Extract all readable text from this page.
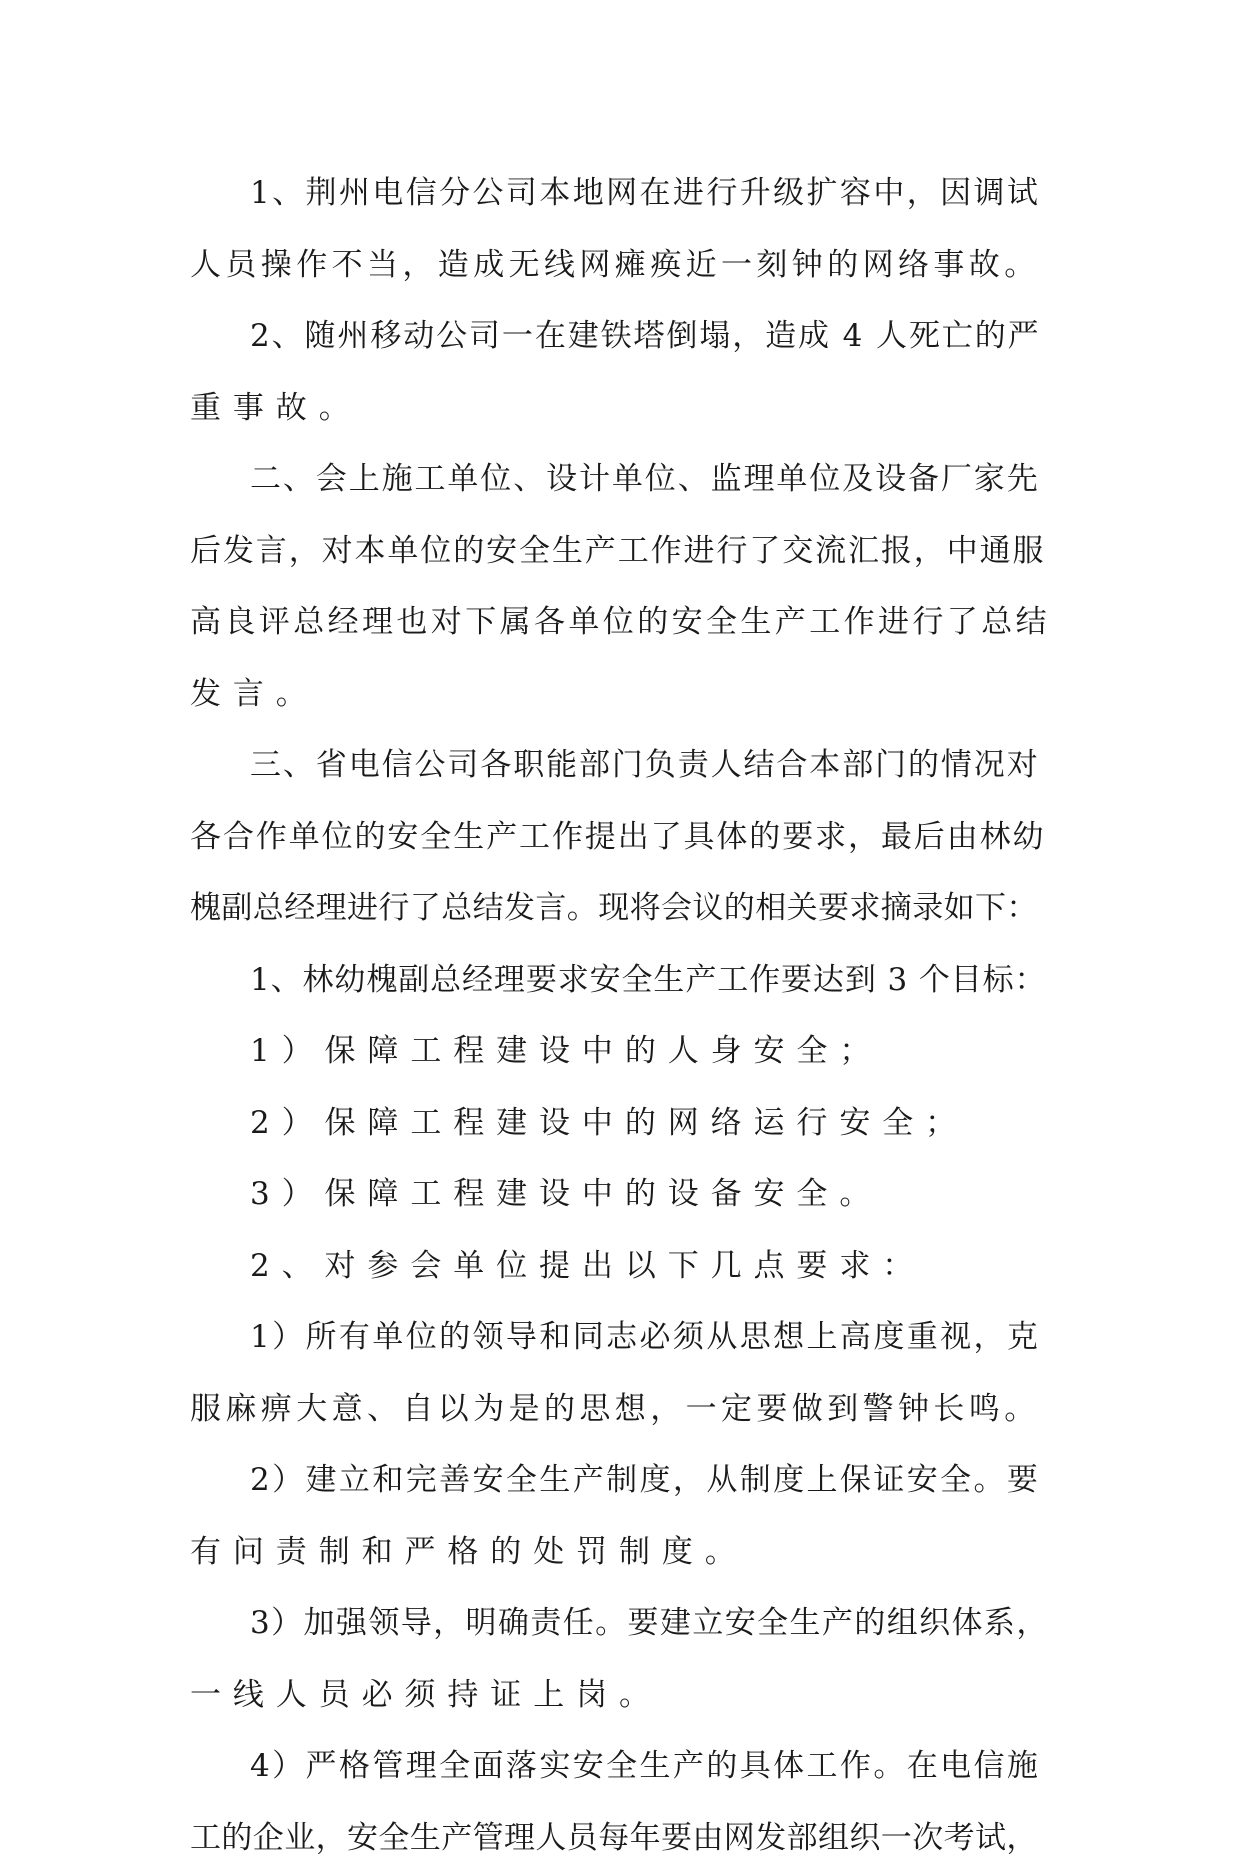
1、荆州电信分公司本地网在进行升级扩容中，因调试
人员操作不当，造成无线网瘫痪近一刻钟的网络事故。
2、随州移动公司一在建铁塔倒塌，造成 4 人死亡的严
重事故。
二、会上施工单位、设计单位、监理单位及设备厂家先
后发言，对本单位的安全生产工作进行了交流汇报，中通服
高良评总经理也对下属各单位的安全生产工作进行了总结
发言。
三、省电信公司各职能部门负责人结合本部门的情况对
各合作单位的安全生产工作提出了具体的要求，最后由林幼
槐副总经理进行了总结发言。现将会议的相关要求摘录如下：
1、林幼槐副总经理要求安全生产工作要达到 3 个目标：
1）保障工程建设中的人身安全；
2）保障工程建设中的网络运行安全；
3）保障工程建设中的设备安全。
2、对参会单位提出以下几点要求：
1）所有单位的领导和同志必须从思想上高度重视，克
服麻痹大意、自以为是的思想，一定要做到警钟长鸣。
2）建立和完善安全生产制度，从制度上保证安全。要
有问责制和严格的处罚制度。
3）加强领导，明确责任。要建立安全生产的组织体系，
一线人员必须持证上岗。
4）严格管理全面落实安全生产的具体工作。在电信施
工的企业，安全生产管理人员每年要由网发部组织一次考试，
